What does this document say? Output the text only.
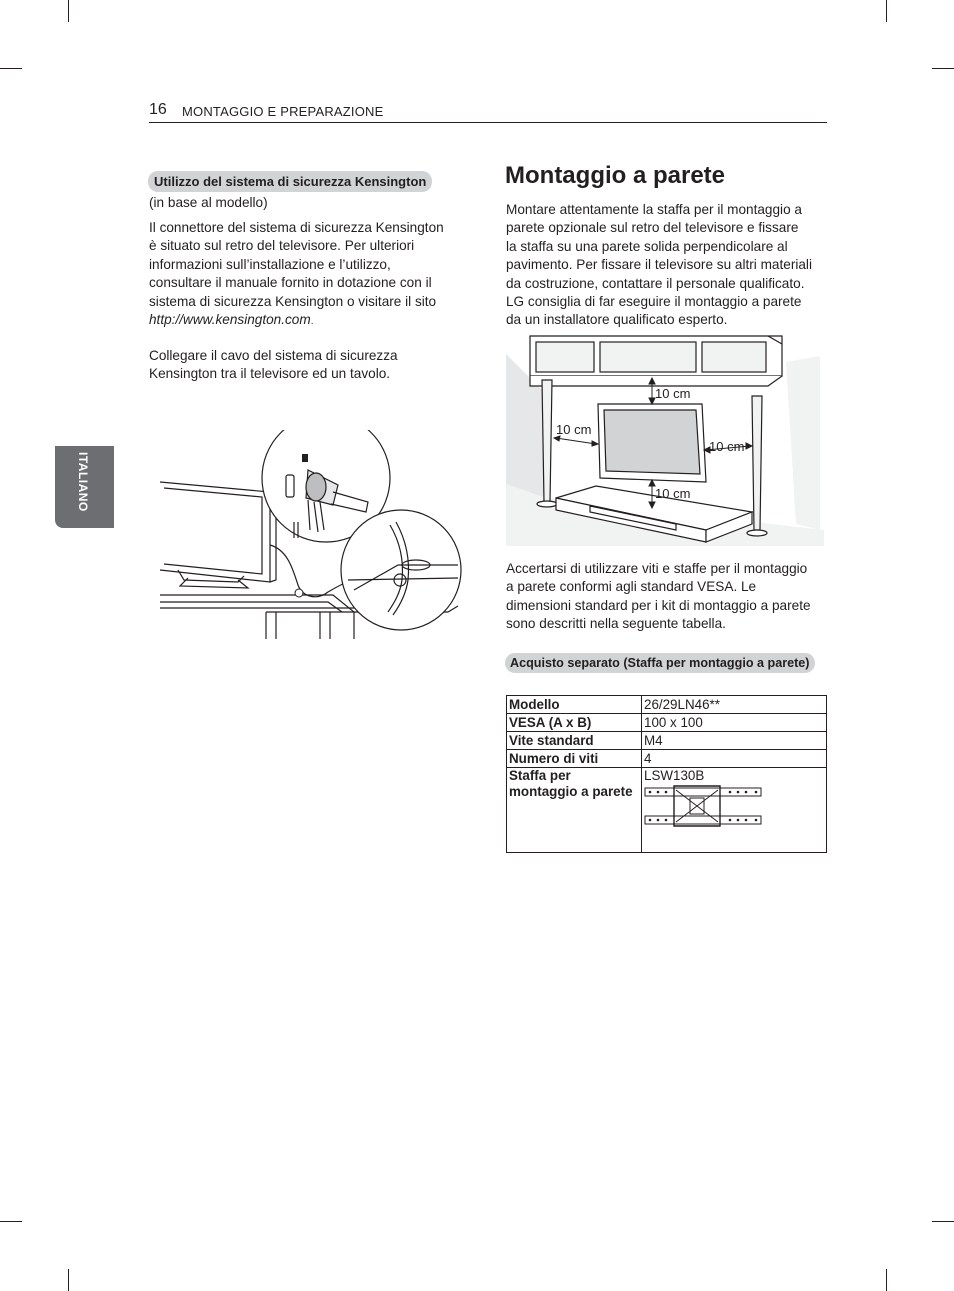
16 MONTAGGIO E PREPARAZIONE
ITALIANO
Utilizzo del sistema di sicurezza Kensington
(in base al modello)

Il connettore del sistema di sicurezza Kensington

è situato sul retro del televisore. Per ulteriori

informazioni sull’installazione e l’utilizzo,

consultare il manuale fornito in dotazione con il

sistema di sicurezza Kensington o visitare il sito

http://www.kensington.com.

Collegare il cavo del sistema di sicurezza

Kensington tra il televisore ed un tavolo.

Montaggio a parete

Montare attentamente la staffa per il montaggio a

parete opzionale sul retro del televisore e fissare

la staffa su una parete solida perpendicolare al

pavimento. Per fissare il televisore su altri materiali

da costruzione, contattare il personale qualificato.

LG consiglia di far eseguire il montaggio a parete

da un installatore qualificato esperto.

10 cm
10 cm
10 cm
10 cm

Accertarsi di utilizzare viti e staffe per il montaggio

a parete conformi agli standard VESA. Le

dimensioni standard per i kit di montaggio a parete

sono descritti nella seguente tabella.

Acquisto separato (Staffa per montaggio a parete)
Modello	26/29LN46**
VESA (A x B)	100 x 100
Vite standard	M4
Numero di viti	4
Staffa per montaggio a parete	LSW130B
